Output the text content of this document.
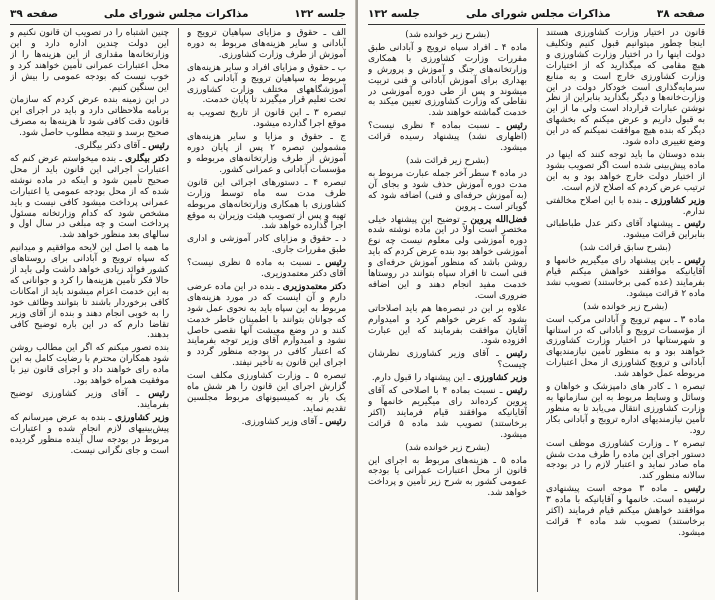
جلسه ۱۳۲
مذاکرات مجلس شورای ملی
صفحه ۳۹

الف ـ حقوق و مزایای سپاهیان ترویج و آبادانی و سایر هزینه‌های مربوط به دوره آموزش از طرف وزارت کشاورزی.

ب ـ حقوق و مزایای افراد و سایر هزینه‌های مربوط به سپاهیان ترویج و آبادانی که در آموزشگاههای مختلف وزارت کشاورزی تحت تعلیم قرار میگیرند تا پایان خدمت.

تبصره ۳ ـ این قانون از تاریخ تصویب به موقع اجرا گذارده میشود.

ج ـ حقوق و مزایا و سایر هزینه‌های مشمولین تبصره ۲ پس از پایان دوره آموزش از طرف وزارتخانه‌های مربوطه و مؤسسات آبادانی و عمرانی کشور.

تبصره ۴ ـ دستورهای اجرائی این قانون ظرف مدت سه ماه توسط وزارت کشاورزی با همکاری وزارتخانه‌های مربوطه تهیه و پس از تصویب هیئت وزیران به موقع اجرا گذارده خواهد شد.

د ـ حقوق و مزایای کادر آموزشی و اداری طبق مقررات جاری.

رئیس ـ نسبت به ماده ۵ نظری نیست؟ آقای دکتر معتمدوزیری.

دکتر معتمدوزیری ـ بنده در این ماده عرضی دارم و آن اینست که در مورد هزینه‌های مربوط به این سپاه باید به نحوی عمل شود که جوانان بتوانند با اطمینان خاطر خدمت کنند و در وضع معیشت آنها نقصی حاصل نشود و امیدوارم آقای وزیر توجه بفرمایند که اعتبار کافی در بودجه منظور گردد و اجرای این قانون به تأخیر نیفتد.

تبصره ۵ ـ وزارت کشاورزی مکلف است گزارش اجرای این قانون را هر شش ماه یک بار به کمیسیونهای مربوط مجلسین تقدیم نماید.

رئیس ـ آقای وزیر کشاورزی.

چنین اشتباه را در تصویب آن قانون نکنیم و این دولت چندین اداره دارد و این وزارتخانه‌ها مقداری از این هزینه‌ها را از محل اعتبارات عمرانی تأمین خواهند کرد و خوب نیست که بودجه عمومی را بیش از این سنگین کنیم.

در این زمینه بنده عرض کردم که سازمان برنامه ملاحظاتی دارد و باید در اجرای این قانون دقت کافی شود تا هزینه‌ها به مصرف صحیح برسد و نتیجه مطلوب حاصل شود.

رئیس ـ آقای دکتر بیگلری.

دکتر بیگلری ـ بنده میخواستم عرض کنم که اعتبارات اجرائی این قانون باید از محل صحیح تأمین شود و اینکه در ماده نوشته شده که از محل بودجه عمومی یا اعتبارات عمرانی پرداخت میشود کافی نیست و باید مشخص شود که کدام وزارتخانه مسئول پرداخت است و چه مبلغی در سال اول و سالهای بعد منظور خواهد شد.

ما همه با اصل این لایحه موافقیم و میدانیم که سپاه ترویج و آبادانی برای روستاهای کشور فوائد زیادی خواهد داشت ولی باید از حالا فکر تأمین هزینه‌ها را کرد و جوانانی که به این خدمت اعزام میشوند باید از امکانات کافی برخوردار باشند تا بتوانند وظائف خود را به خوبی انجام دهند و بنده از آقای وزیر تقاضا دارم که در این باره توضیح کافی بدهند.

بنده تصور میکنم که اگر این مطالب روشن شود همکاران محترم با رضایت کامل به این ماده رای خواهند داد و اجرای قانون نیز با موفقیت همراه خواهد بود.

رئیس ـ آقای وزیر کشاورزی توضیح بفرمایند.

وزیر کشاورزی ـ بنده به عرض میرسانم که پیش‌بینیهای لازم انجام شده و اعتبارات مربوط در بودجه سال آینده منظور گردیده است و جای نگرانی نیست.

صفحه ۳۸
مذاکرات مجلس شورای ملی
جلسه ۱۳۲

قانون در اختیار وزارت کشاورزی هستند اینجا چطور میتوانیم قبول کنیم وتکلیف دولت اینها را در اختیار وزارت کشاورزی و هیچ مقامی که میگذارید که از اختیارات وزارت کشاورزی خارج است و به منابع سرمایه‌گذاری است خودکار دولت در این وزارت‌خانه‌ها و دیگر بگذارید بنابراین از نظر نوشتن عبارات قرارداد است ولی ما از این به قبول داریم و عرض میکنم که بخشهای دیگر که بنده هیچ موافقت نمیکنم که در این وضع تغییری داده شود.

بنده دوستان ما باید توجه کنند که اینها در ماده پیش‌بینی شده است اگر تصویب بشود از اختیار دولت خارج خواهد بود و به این ترتیب عرض کردم که اصلاح لازم است.

وزیر کشاورزی ـ بنده با این اصلاح مخالفتی ندارم.

رئیس ـ پیشنهاد آقای دکتر عدل طباطبائی بنابراین قرائت میشود.

(بشرح سابق قرائت شد)

رئیس ـ باین پیشنهاد رای میگیریم خانمها و آقایانیکه موافقند خواهش میکنم قیام بفرمایند (عده کمی برخاستند) تصویب نشد ماده ۲ قرائت میشود.

(بشرح زیر خوانده شد)

ماده ۳ ـ سهم ترویج و آبادانی مرکب است از مؤسسات ترویج و آبادانی که در استانها و شهرستانها در اختیار وزارت کشاورزی خواهند بود و به منظور تأمین نیازمندیهای آبادانی و ترویج کشاورزی از محل اعتبارات مربوطه عمل خواهد شد.

تبصره ۱ ـ کادر های دامپزشک و خواهان و وسائل و وسایط مربوط به این سازمانها به وزارت کشاورزی انتقال می‌یابد تا به منظور تأمین نیازمندیهای اداره ترویج و آبادانی بکار رود.

تبصره ۲ ـ وزارت کشاورزی موظف است دستور اجرای این ماده را ظرف مدت شش ماه صادر نماید و اعتبار لازم را در بودجه سالانه منظور کند.

رئیس ـ ماده ۳ موجه است پیشنهادی نرسیده است. خانمها و آقایانیکه با ماده ۳ موافقند خواهش میکنم قیام فرمایند (اکثر برخاستند) تصویب شد ماده ۴ قرائت میشود.

(بشرح زیر خوانده شد)

ماده ۴ ـ افراد سپاه ترویج و آبادانی طبق مقررات وزارت کشاورزی با همکاری وزارتخانه‌های جنگ و آموزش و پرورش و بهداری برای آموزش آبادانی و فنی تربیت میشوند و پس از طی دوره آموزشی در نقاطی که وزارت کشاورزی تعیین میکند به خدمت گماشته خواهند شد.

رئیس ـ نسبت بماده ۴ نظری نیست؟ (اظهاری نشد) پیشنهاد رسیده قرائت میشود.

(بشرح زیر قرائت شد)

در ماده ۴ سطر آخر جمله عبارت مربوط به مدت دوره آموزش حذف شود و بجای آن (به آموزش حرفه‌ای و فنی) اضافه شود که گویاتر است ـ پروین

فضل‌الله پروین ـ توضیح این پیشنهاد خیلی مختصر است اولاً در این ماده نوشته شده دوره آموزشی ولی معلوم نیست چه نوع آموزشی خواهد بود بنده عرض کردم که باید روشن باشد که منظور آموزش حرفه‌ای و فنی است تا افراد سپاه بتوانند در روستاها خدمت مفید انجام دهند و این اضافه ضروری است.

علاوه بر این در تبصره‌ها هم باید اصلاحاتی بشود که عرض خواهم کرد و امیدوارم آقایان موافقت بفرمایند که این عبارت افزوده شود.

رئیس ـ آقای وزیر کشاورزی نظرشان چیست؟

وزیر کشاورزی ـ این پیشنهاد را قبول دارم.

رئیس ـ نسبت بماده ۴ با اصلاحی که آقای پروین کرده‌اند رای میگیریم خانمها و آقایانیکه موافقند قیام فرمایند (اکثر برخاستند) تصویب شد ماده ۵ قرائت میشود.

(بشرح زیر خوانده شد)

ماده ۵ ـ هزینه‌های مربوط به اجرای این قانون از محل اعتبارات عمرانی یا بودجه عمومی کشور به شرح زیر تأمین و پرداخت خواهد شد.
